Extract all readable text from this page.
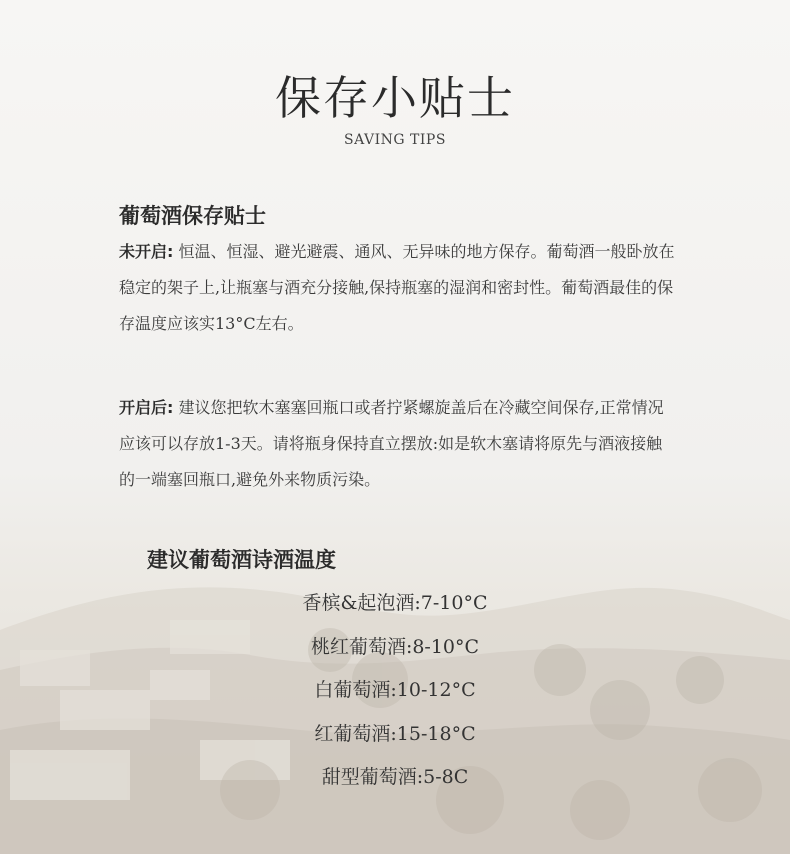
保存小贴士
SAVING TIPS
葡萄酒保存贴士
未开启: 恒温、恒湿、避光避震、通风、无异味的地方保存。葡萄酒一般卧放在稳定的架子上,让瓶塞与酒充分接触,保持瓶塞的湿润和密封性。葡萄酒最佳的保存温度应该实13°C左右。
开启后: 建议您把软木塞塞回瓶口或者拧紧螺旋盖后在冷藏空间保存,正常情况应该可以存放1-3天。请将瓶身保持直立摆放:如是软木塞请将原先与酒液接触的一端塞回瓶口,避免外来物质污染。
建议葡萄酒诗酒温度
香槟&起泡酒:7-10°C
桃红葡萄酒:8-10°C
白葡萄酒:10-12°C
红葡萄酒:15-18°C
甜型葡萄酒:5-8C
